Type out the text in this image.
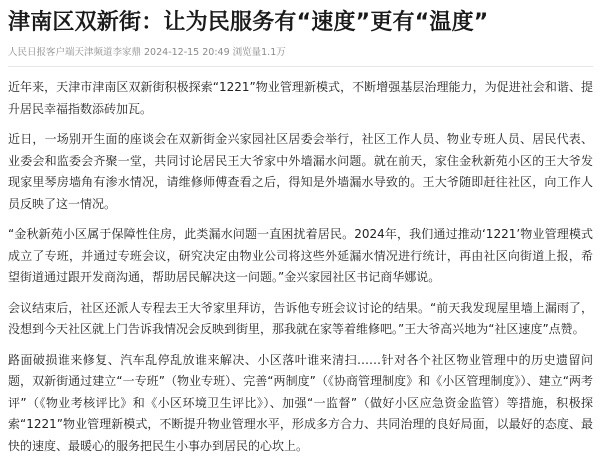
津南区双新街：让为民服务有“速度”更有“温度”
人民日报客户端天津频道李家鼎 2024-12-15 20:49 浏览量1.1万

近年来，天津市津南区双新街积极探索“1221”物业管理新模式，不断增强基层治理能力，为促进社会和谐、提升居民幸福指数添砖加瓦。

近日，一场别开生面的座谈会在双新街金兴家园社区居委会举行，社区工作人员、物业专班人员、居民代表、业委会和监委会齐聚一堂，共同讨论居民王大爷家中外墙漏水问题。就在前天，家住金秋新苑小区的王大爷发现家里琴房墙角有渗水情况，请维修师傅查看之后，得知是外墙漏水导致的。王大爷随即赶往社区，向工作人员反映了这一情况。

“金秋新苑小区属于保障性住房，此类漏水问题一直困扰着居民。2024年，我们通过推动‘1221’物业管理模式成立了专班，并通过专班会议，研究决定由物业公司将这些外延漏水情况进行统计，再由社区向街道上报，希望街道通过跟开发商沟通，帮助居民解决这一问题。”金兴家园社区书记商华娜说。

会议结束后，社区还派人专程去王大爷家里拜访，告诉他专班会议讨论的结果。“前天我发现屋里墙上漏雨了，没想到今天社区就上门告诉我情况会反映到街里，那我就在家等着维修吧。”王大爷高兴地为“社区速度”点赞。

路面破损谁来修复、汽车乱停乱放谁来解决、小区落叶谁来清扫……针对各个社区物业管理中的历史遗留问题，双新街通过建立“一专班”（物业专班）、完善“两制度”（《协商管理制度》和《小区管理制度》）、建立“两考评”（《物业考核评比》和《小区环境卫生评比》）、加强“一监督”（做好小区应急资金监管）等措施，积极探索“1221”物业管理新模式，不断提升物业管理水平，形成多方合力、共同治理的良好局面，以最好的态度、最快的速度、最暖心的服务把民生小事办到居民的心坎上。
